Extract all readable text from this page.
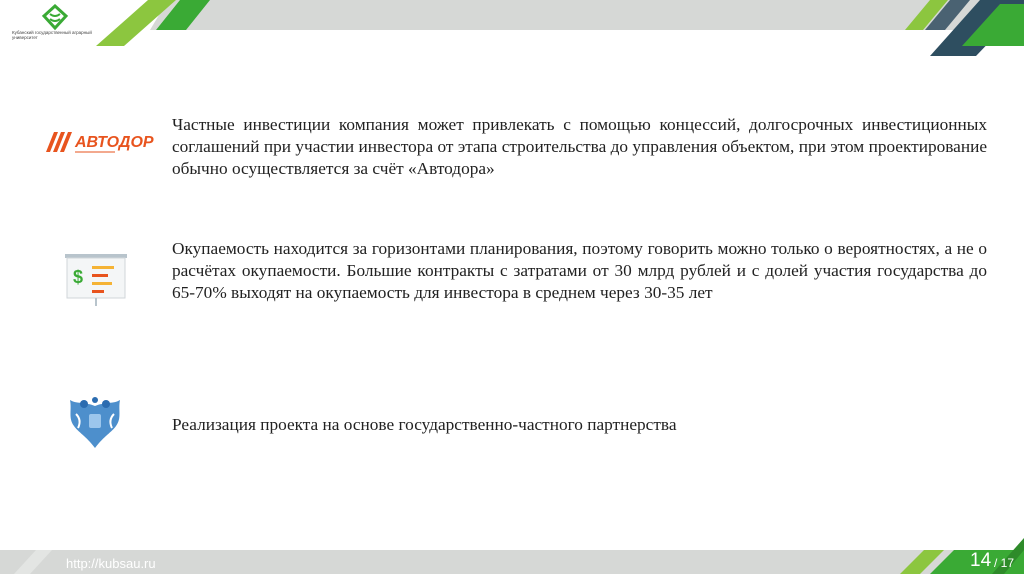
Кубанский государственный аграрный университет
АВТОДОР

Частные инвестиции компания может привлекать с помощью концессий, долгосрочных инвестиционных соглашений при участии инвестора от этапа строительства до управления объектом, при этом проектирование обычно осуществляется за счёт «Автодора»

$

Окупаемость находится за горизонтами планирования, поэтому говорить можно только о вероятностях, а не о расчётах окупаемости. Большие контракты с затратами от 30 млрд рублей и с долей участия государства до 65-70% выходят на окупаемость для инвестора в среднем через 30-35 лет

Реализация проекта на основе государственно-частного партнерства

http://kubsau.ru	14 / 17
